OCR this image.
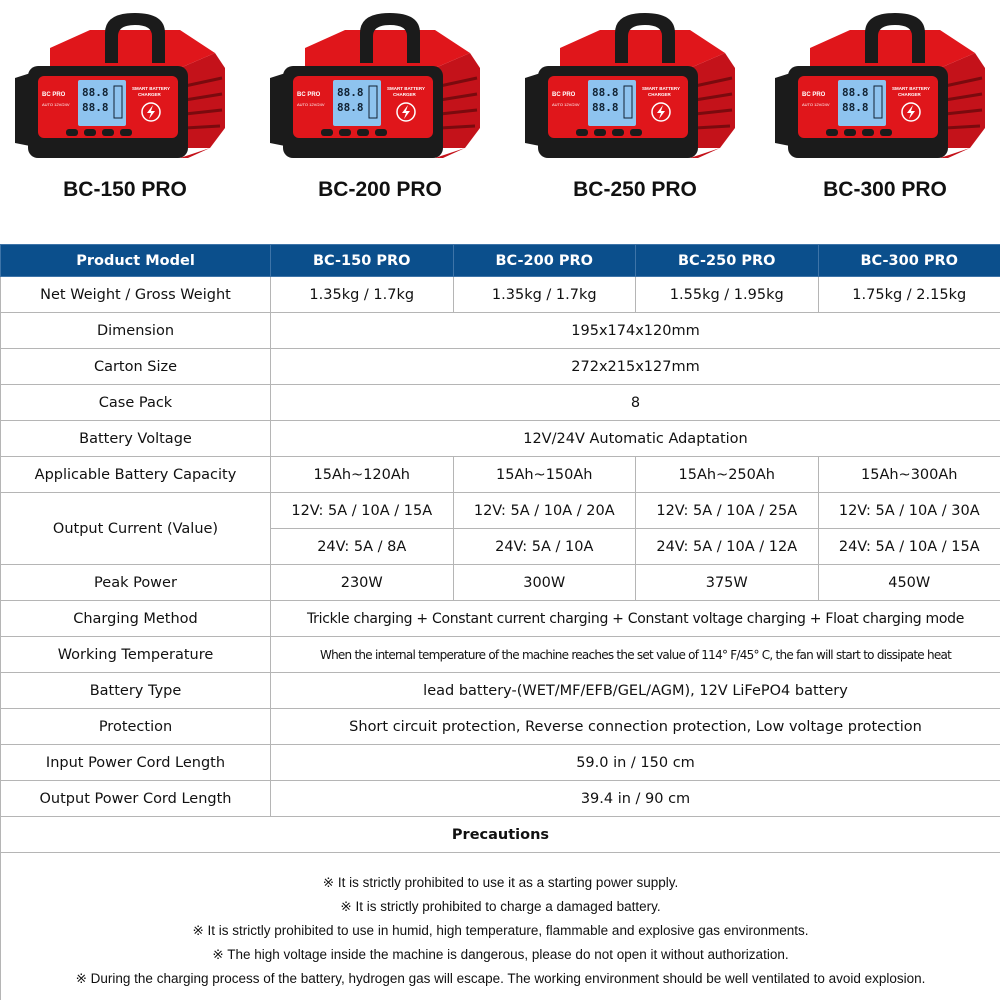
BC-150 PRO	BC-200 PRO	BC-250 PRO	BC-300 PRO
Product Model	BC-150 PRO	BC-200 PRO	BC-250 PRO	BC-300 PRO
Net Weight / Gross Weight	1.35kg / 1.7kg	1.35kg / 1.7kg	1.55kg / 1.95kg	1.75kg / 2.15kg
Dimension	195x174x120mm			
Carton Size	272x215x127mm			
Case Pack	8			
Battery Voltage	12V/24V Automatic Adaptation			
Applicable Battery Capacity	15Ah~120Ah	15Ah~150Ah	15Ah~250Ah	15Ah~300Ah
Output Current (Value)	12V: 5A / 10A / 15A	12V: 5A / 10A / 20A	12V: 5A / 10A / 25A	12V: 5A / 10A / 30A
	24V: 5A / 8A	24V: 5A / 10A	24V: 5A / 10A / 12A	24V: 5A / 10A / 15A
Peak Power	230W	300W	375W	450W
Charging Method	Trickle charging + Constant current charging + Constant voltage charging + Float charging mode			
Working Temperature	When the internal temperature of the machine reaches the set value of 114° F/45° C, the fan will start to dissipate heat			
Battery Type	lead battery-(WET/MF/EFB/GEL/AGM), 12V LiFePO4 battery			
Protection	Short circuit protection, Reverse connection protection, Low voltage protection			
Input Power Cord Length	59.0 in / 150 cm			
Output Power Cord Length	39.4 in / 90 cm			
Precautions				

※ It is strictly prohibited to use it as a starting power supply.

※ It is strictly prohibited to charge a damaged battery.

※ It is strictly prohibited to use in humid, high temperature, flammable and explosive gas environments.

※ The high voltage inside the machine is dangerous, please do not open it without authorization.

※ During the charging process of the battery, hydrogen gas will escape. The working environment should be well ventilated to avoid explosion.				
